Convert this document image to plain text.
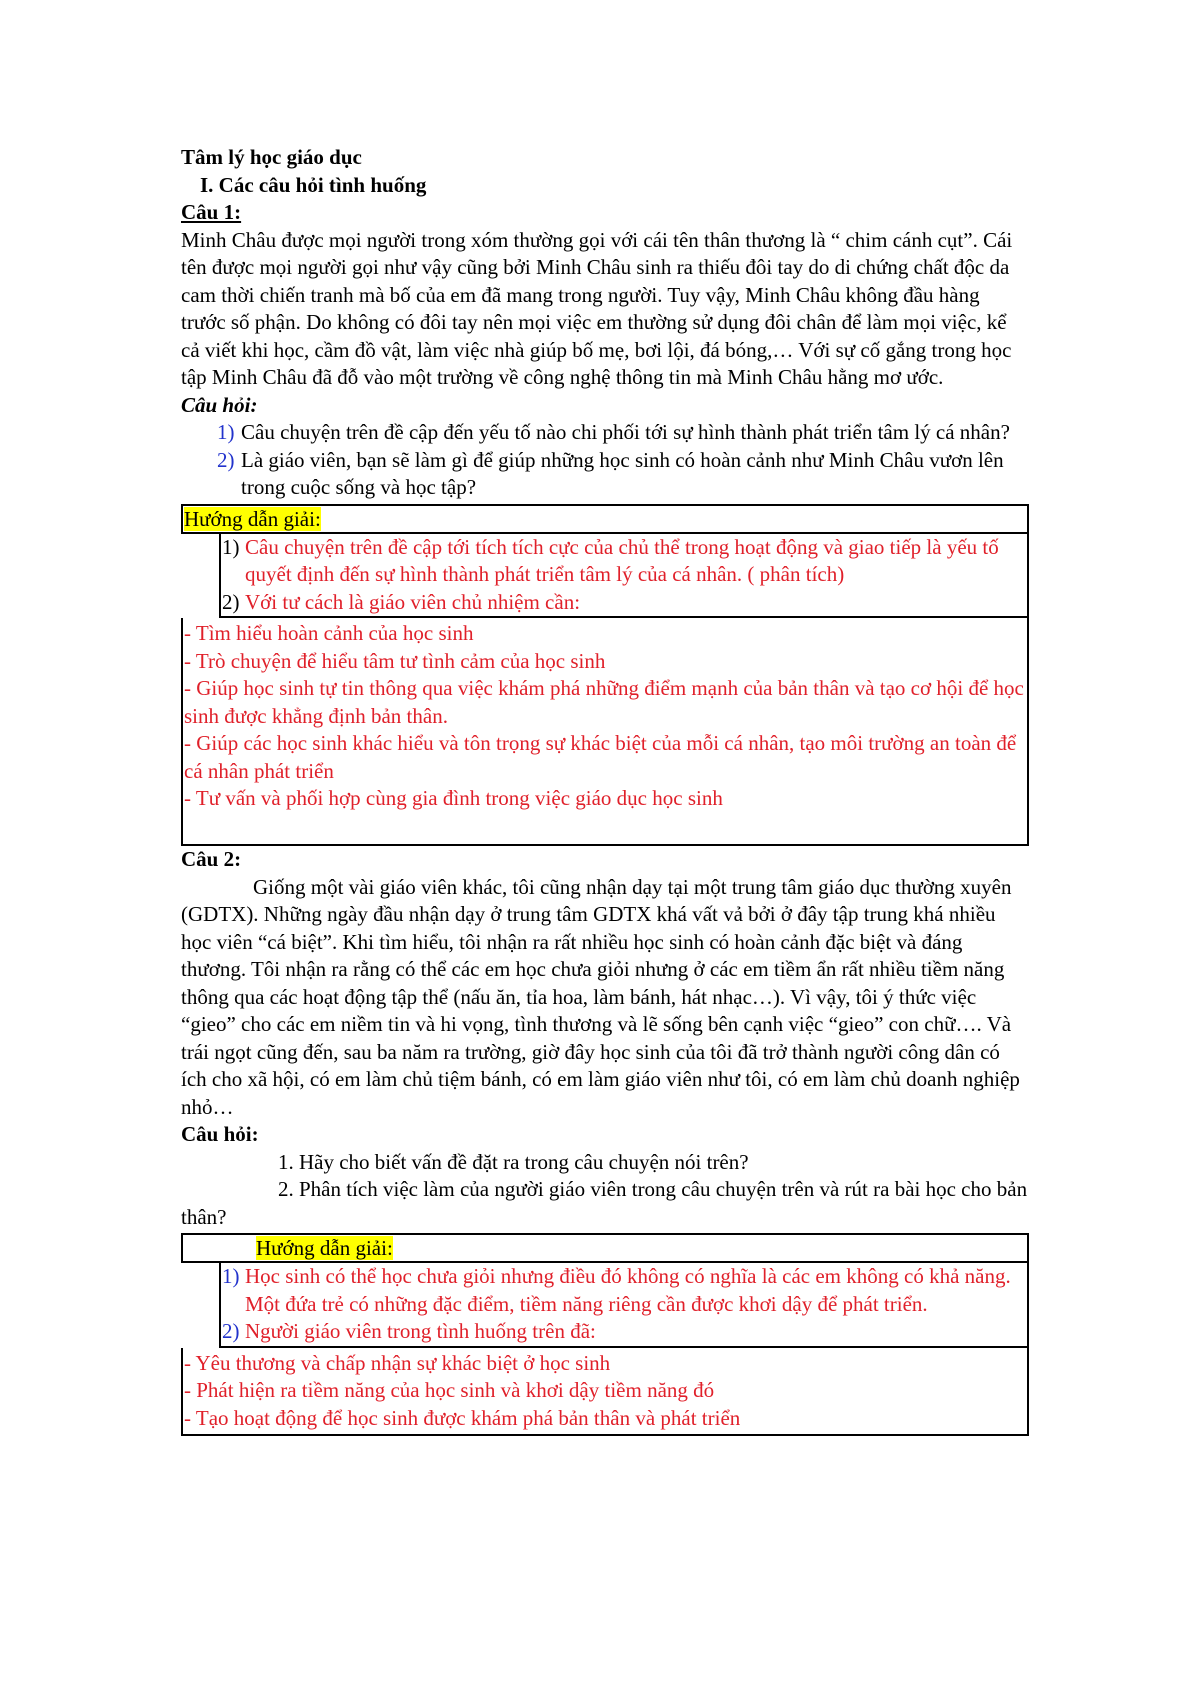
Tâm lý học giáo dục

I. Các câu hỏi tình huống

Câu 1:

Minh Châu được mọi người trong xóm thường gọi với cái tên thân thương là “ chim cánh cụt”. Cái tên được mọi người gọi như vậy cũng bởi Minh Châu sinh ra thiếu đôi tay do di chứng chất độc da cam thời chiến tranh mà bố của em đã mang trong người. Tuy vậy, Minh Châu không đầu hàng trước số phận. Do không có đôi tay nên mọi việc em thường sử dụng đôi chân để làm mọi việc, kể cả viết khi học, cầm đồ vật, làm việc nhà giúp bố mẹ, bơi lội, đá bóng,… Với sự cố gắng trong học tập Minh Châu đã đỗ vào một trường về công nghệ thông tin mà Minh Châu hằng mơ ước.

Câu hỏi:

1) Câu chuyện trên đề cập đến yếu tố nào chi phối tới sự hình thành phát triển tâm lý cá nhân?
2) Là giáo viên, bạn sẽ làm gì để giúp những học sinh có hoàn cảnh như Minh Châu vươn lên trong cuộc sống và học tập?
Hướng dẫn giải:
1) Câu chuyện trên đề cập tới tích tích cực của chủ thể trong hoạt động và giao tiếp là yếu tố quyết định đến sự hình thành phát triển tâm lý của cá nhân. ( phân tích)
2) Với tư cách là giáo viên chủ nhiệm cần:

- Tìm hiểu hoàn cảnh của học sinh

- Trò chuyện để hiểu tâm tư tình cảm của học sinh

- Giúp học sinh tự tin thông qua việc khám phá những điểm mạnh của bản thân và tạo cơ hội để học sinh được khẳng định bản thân.

- Giúp các học sinh khác hiểu và tôn trọng sự khác biệt của mỗi cá nhân, tạo môi trường an toàn để cá nhân phát triển

- Tư vấn và phối hợp cùng gia đình trong việc giáo dục học sinh

Câu 2:

Giống một vài giáo viên khác, tôi cũng nhận dạy tại một trung tâm giáo dục thường xuyên (GDTX). Những ngày đầu nhận dạy ở trung tâm GDTX khá vất vả bởi ở đây tập trung khá nhiều học viên “cá biệt”. Khi tìm hiểu, tôi nhận ra rất nhiều học sinh có hoàn cảnh đặc biệt và đáng thương. Tôi nhận ra rằng có thể các em học chưa giỏi nhưng ở các em tiềm ẩn rất nhiều tiềm năng thông qua các hoạt động tập thể (nấu ăn, tỉa hoa, làm bánh, hát nhạc…). Vì vậy, tôi ý thức việc “gieo” cho các em niềm tin và hi vọng, tình thương và lẽ sống bên cạnh việc “gieo” con chữ…. Và trái ngọt cũng đến, sau ba năm ra trường, giờ đây học sinh của tôi đã trở thành người công dân có ích cho xã hội, có em làm chủ tiệm bánh, có em làm giáo viên như tôi, có em làm chủ doanh nghiệp nhỏ…

Câu hỏi:

1. Hãy cho biết vấn đề đặt ra trong câu chuyện nói trên?

2. Phân tích việc làm của người giáo viên trong câu chuyện trên và rút ra bài học cho bản thân?

Hướng dẫn giải:
1) Học sinh có thể học chưa giỏi nhưng điều đó không có nghĩa là các em không có khả năng. Một đứa trẻ có những đặc điểm, tiềm năng riêng cần được khơi dậy để phát triển.
2) Người giáo viên trong tình huống trên đã:

- Yêu thương và chấp nhận sự khác biệt ở học sinh

- Phát hiện ra tiềm năng của học sinh và khơi dậy tiềm năng đó

- Tạo hoạt động để học sinh được khám phá bản thân và phát triển
